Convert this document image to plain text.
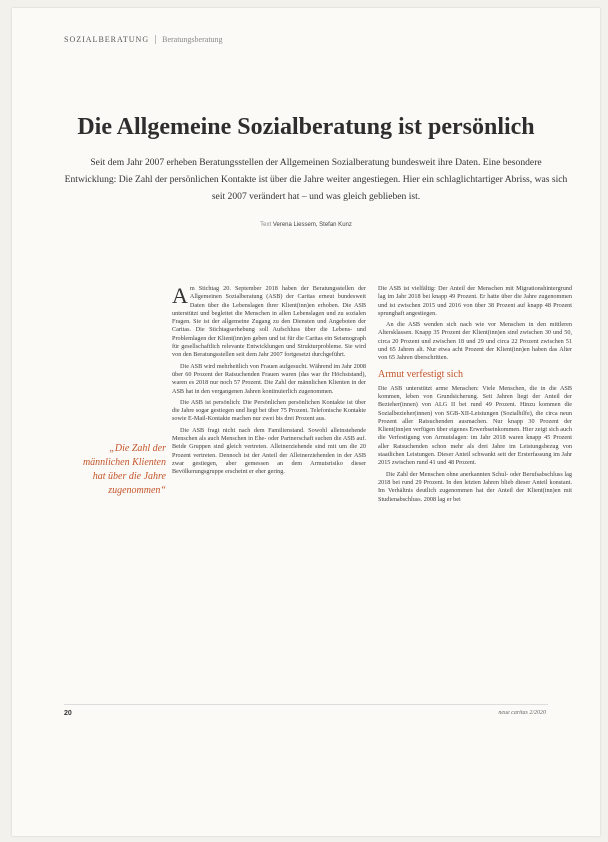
SOZIALBERATUNG Beratungsberatung
Die Allgemeine Sozialberatung ist persönlich

Seit dem Jahr 2007 erheben Beratungsstellen der Allgemeinen Sozialberatung bundesweit ihre Daten. Eine besondere Entwicklung: Die Zahl der persönlichen Kontakte ist über die Jahre weiter angestiegen. Hier ein schlaglichtartiger Abriss, was sich seit 2007 verändert hat – und was gleich geblieben ist.

Text Verena Liessem, Stefan Kunz

„Die Zahl der männlichen Klienten hat über die Jahre zugenommen“

Am Stichtag 20. September 2018 haben der Beratungsstellen der Allgemeinen Sozialberatung (ASB) der Caritas erneut bundesweit Daten über die Lebenslagen ihrer Klient(inn)en erhoben. Die ASB unterstützt und begleitet die Menschen in allen Lebenslagen und zu sozialen Fragen. Sie ist der allgemeine Zugang zu den Diensten und Angeboten der Caritas. Die Stichtagserhebung soll Aufschluss über die Lebens- und Problemlagen der Klient(inn)en geben und ist für die Caritas ein Seismograph für gesellschaftlich relevante Entwicklungen und Strukturprobleme. Sie wird von den Beratungsstellen seit dem Jahr 2007 fortgesetzt durchgeführt.

Die ASB wird mehrheitlich von Frauen aufgesucht. Während im Jahr 2008 über 60 Prozent der Ratsuchenden Frauen waren (das war ihr Höchststand), waren es 2018 nur noch 57 Prozent. Die Zahl der männlichen Klienten in der ASB hat in den vergangenen Jahren kontinuierlich zugenommen.

Die ASB ist persönlich: Die Persönlichen persönlichen Kontakte ist über die Jahre sogar gestiegen und liegt bei über 75 Prozent. Telefonische Kontakte sowie E-Mail-Kontakte machen nur zwei bis drei Prozent aus.

Die ASB fragt nicht nach dem Familienstand. Sowohl alleinstehende Menschen als auch Menschen in Ehe- oder Partnerschaft suchen die ASB auf. Beide Gruppen sind gleich vertreten. Alleinerziehende sind mit um die 20 Prozent vertreten. Dennoch ist der Anteil der Alleinerziehenden in der ASB zwar gestiegen, aber gemessen an dem Armutsrisiko dieser Bevölkerungsgruppe erscheint er eher gering.

Die ASB ist vielfältig: Der Anteil der Menschen mit Migrationshintergrund lag im Jahr 2018 bei knapp 49 Prozent. Er hatte über die Jahre zugenommen und ist zwischen 2015 und 2016 von über 38 Prozent auf knapp 48 Prozent sprunghaft angestiegen.

An die ASB wenden sich nach wie vor Menschen in den mittleren Altersklassen. Knapp 35 Prozent der Klient(inn)en sind zwischen 30 und 50, circa 20 Prozent und zwischen 18 und 29 und circa 22 Prozent zwischen 51 und 65 Jahren alt. Nur etwa acht Prozent der Klient(inn)en haben das Alter von 65 Jahren überschritten.

Armut verfestigt sich

Die ASB unterstützt arme Menschen: Viele Menschen, die in die ASB kommen, leben von Grundsicherung. Seit Jahren liegt der Anteil der Bezieher(innen) von ALG II bei rund 49 Prozent. Hinzu kommen die Sozialbezieher(innen) von SGB-XII-Leistungen (Sozialhilfe), die circa neun Prozent aller Ratsuchenden ausmachen. Nur knapp 30 Prozent der Klient(inn)en verfügen über eigenes Erwerbseinkommen. Hier zeigt sich auch die Verfestigung von Armutslagen: im Jahr 2018 waren knapp 45 Prozent aller Ratsuchenden schon mehr als drei Jahre im Leistungsbezug von staatlichen Leistungen. Dieser Anteil schwankt seit der Ersterfassung im Jahr 2015 zwischen rund 41 und 48 Prozent.

Die Zahl der Menschen ohne anerkannten Schul- oder Berufsabschluss lag 2018 bei rund 29 Prozent. In den letzten Jahren blieb dieser Anteil konstant. Im Verhältnis deutlich zugenommen hat der Anteil der Klient(inn)en mit Studienabschluss. 2008 lag er bei

20	neue caritas 2/2020
